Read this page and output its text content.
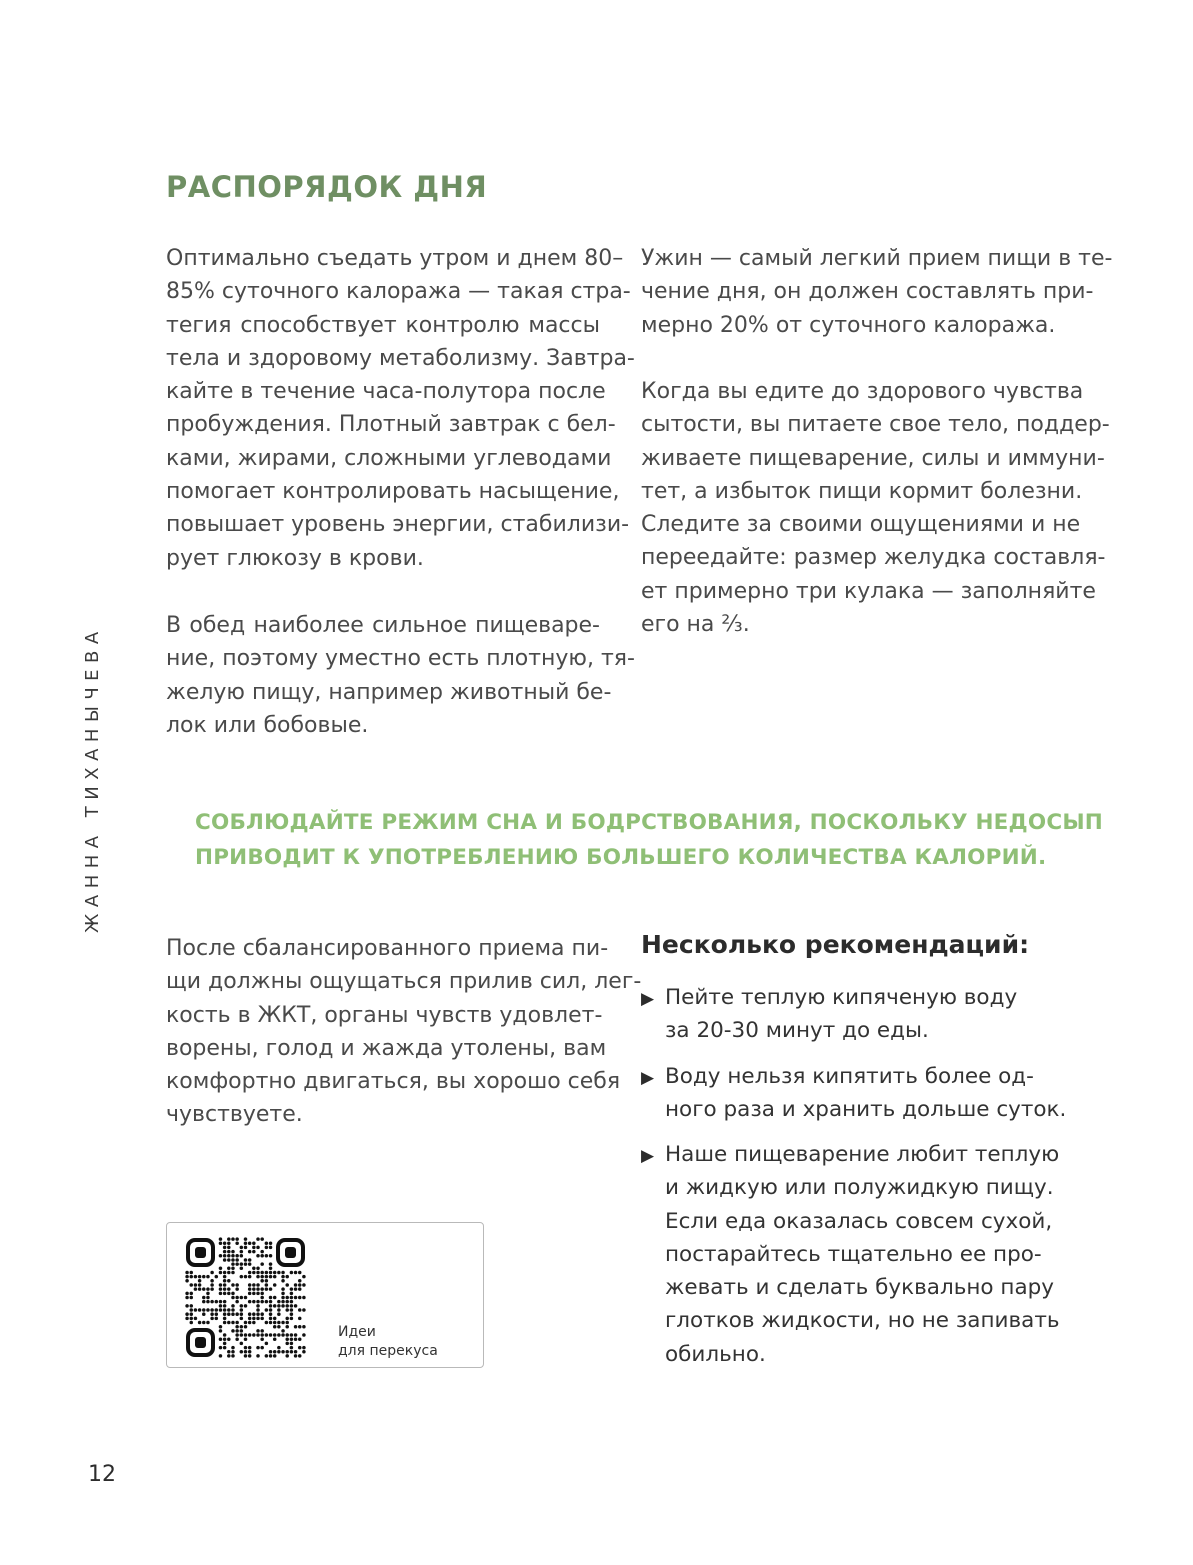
РАСПОРЯДОК ДНЯ
Оптимально съедать утром и днем 80–
85% суточного калоража — такая стра-
тегия способствует контролю массы
тела и здоровому метаболизму. Завтра-
кайте в течение часа-полутора после
пробуждения. Плотный завтрак с бел-
ками, жирами, сложными углеводами
помогает контролировать насыщение,
повышает уровень энергии, стабилизи-
рует глюкозу в крови.
В обед наиболее сильное пищеваре-
ние, поэтому уместно есть плотную, тя-
желую пищу, например животный бе-
лок или бобовые.
Ужин — самый легкий прием пищи в те-
чение дня, он должен составлять при-
мерно 20% от суточного калоража.
Когда вы едите до здорового чувства
сытости, вы питаете свое тело, поддер-
живаете пищеварение, силы и иммуни-
тет, а избыток пищи кормит болезни.
Следите за своими ощущениями и не
переедайте: размер желудка составля-
ет примерно три кулака — заполняйте
его на ⅔.
СОБЛЮДАЙТЕ РЕЖИМ СНА И БОДРСТВОВАНИЯ, ПОСКОЛЬКУ НЕДОСЫП
ПРИВОДИТ К УПОТРЕБЛЕНИЮ БОЛЬШЕГО КОЛИЧЕСТВА КАЛОРИЙ.
После сбалансированного приема пи-
щи должны ощущаться прилив сил, лег-
кость в ЖКТ, органы чувств удовлет-
ворены, голод и жажда утолены, вам
комфортно двигаться, вы хорошо себя
чувствуете.
Несколько рекомендаций:
▶ Пейте теплую кипяченую воду
за 20-30 минут до еды.
▶ Воду нельзя кипятить более од-
ного раза и хранить дольше суток.
▶ Наше пищеварение любит теплую
и жидкую или полужидкую пищу.
Если еда оказалась совсем сухой,
постарайтесь тщательно ее про-
жевать и сделать буквально пару
глотков жидкости, но не запивать
обильно.
Идеи
для перекуса
ЖАННА ТИХАНЫЧЕВА
12
